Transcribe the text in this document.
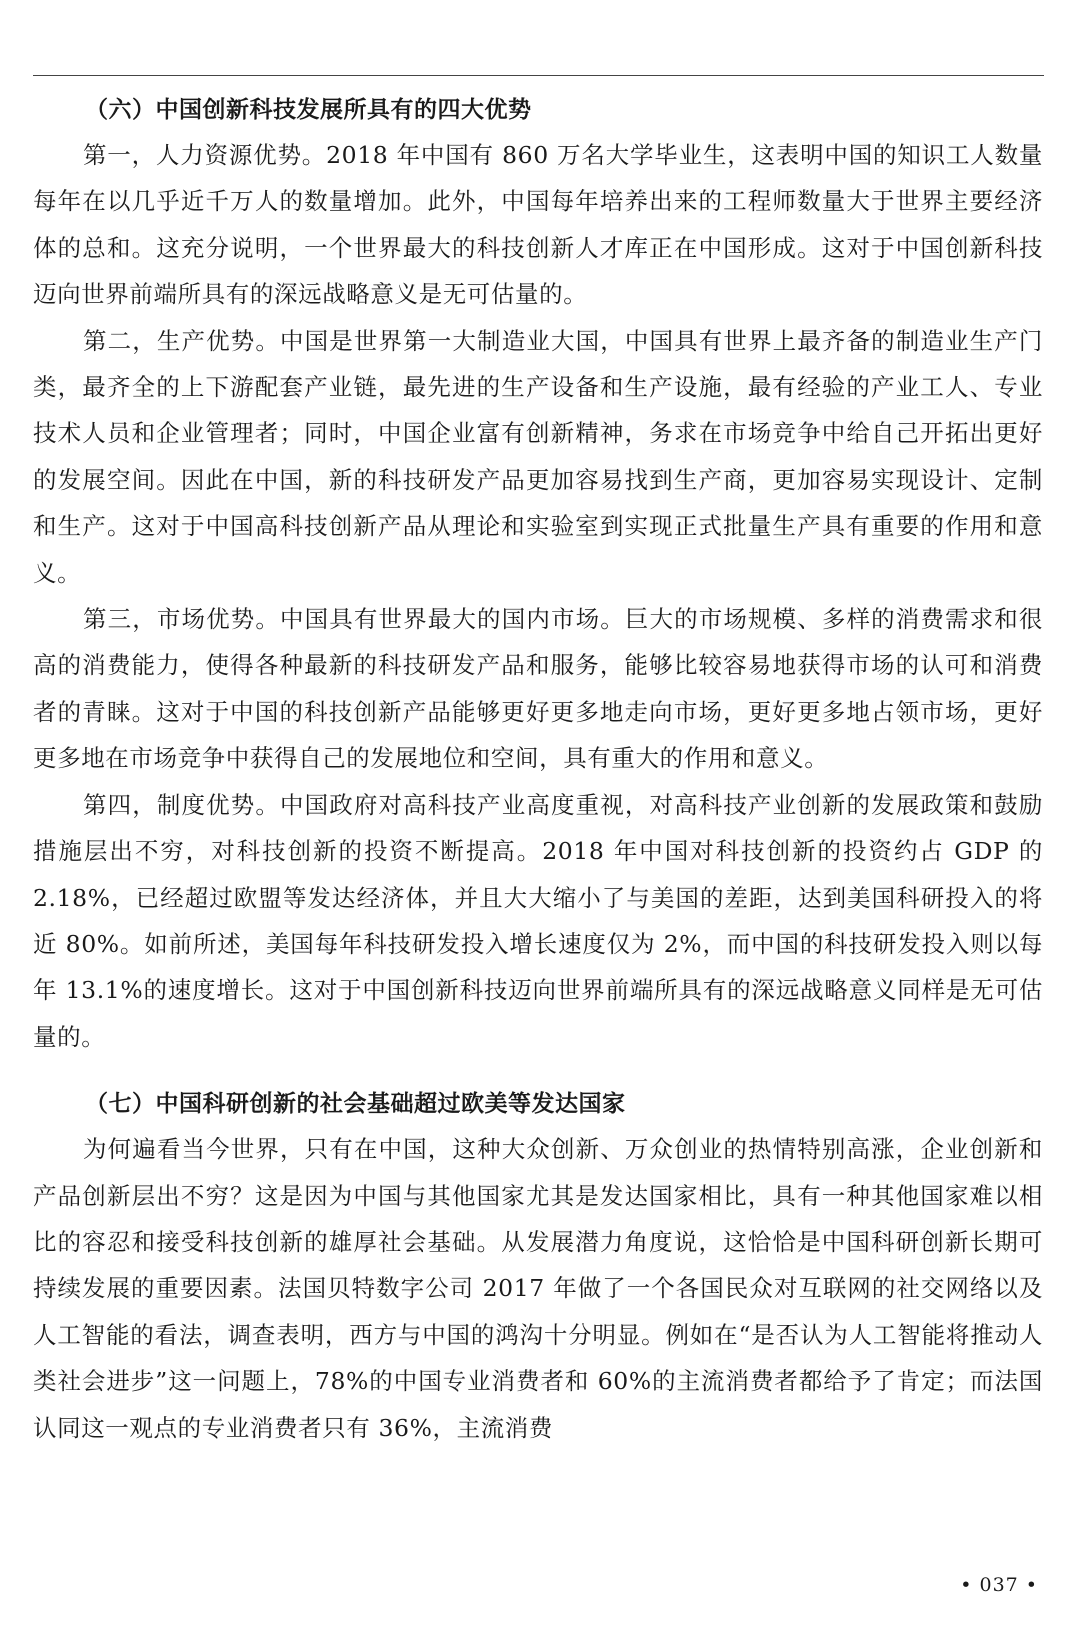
（六）中国创新科技发展所具有的四大优势

第一，人力资源优势。2018 年中国有 860 万名大学毕业生，这表明中国的知识工人数量每年在以几乎近千万人的数量增加。此外，中国每年培养出来的工程师数量大于世界主要经济体的总和。这充分说明，一个世界最大的科技创新人才库正在中国形成。这对于中国创新科技迈向世界前端所具有的深远战略意义是无可估量的。

第二，生产优势。中国是世界第一大制造业大国，中国具有世界上最齐备的制造业生产门类，最齐全的上下游配套产业链，最先进的生产设备和生产设施，最有经验的产业工人、专业技术人员和企业管理者；同时，中国企业富有创新精神，务求在市场竞争中给自己开拓出更好的发展空间。因此在中国，新的科技研发产品更加容易找到生产商，更加容易实现设计、定制和生产。这对于中国高科技创新产品从理论和实验室到实现正式批量生产具有重要的作用和意义。

第三，市场优势。中国具有世界最大的国内市场。巨大的市场规模、多样的消费需求和很高的消费能力，使得各种最新的科技研发产品和服务，能够比较容易地获得市场的认可和消费者的青睐。这对于中国的科技创新产品能够更好更多地走向市场，更好更多地占领市场，更好更多地在市场竞争中获得自己的发展地位和空间，具有重大的作用和意义。

第四，制度优势。中国政府对高科技产业高度重视，对高科技产业创新的发展政策和鼓励措施层出不穷，对科技创新的投资不断提高。2018 年中国对科技创新的投资约占 GDP 的 2.18%，已经超过欧盟等发达经济体，并且大大缩小了与美国的差距，达到美国科研投入的将近 80%。如前所述，美国每年科技研发投入增长速度仅为 2%，而中国的科技研发投入则以每年 13.1%的速度增长。这对于中国创新科技迈向世界前端所具有的深远战略意义同样是无可估量的。

（七）中国科研创新的社会基础超过欧美等发达国家

为何遍看当今世界，只有在中国，这种大众创新、万众创业的热情特别高涨，企业创新和产品创新层出不穷？这是因为中国与其他国家尤其是发达国家相比，具有一种其他国家难以相比的容忍和接受科技创新的雄厚社会基础。从发展潜力角度说，这恰恰是中国科研创新长期可持续发展的重要因素。法国贝特数字公司 2017 年做了一个各国民众对互联网的社交网络以及人工智能的看法，调查表明，西方与中国的鸿沟十分明显。例如在“是否认为人工智能将推动人类社会进步”这一问题上，78%的中国专业消费者和 60%的主流消费者都给予了肯定；而法国认同这一观点的专业消费者只有 36%，主流消费

• 037 •
